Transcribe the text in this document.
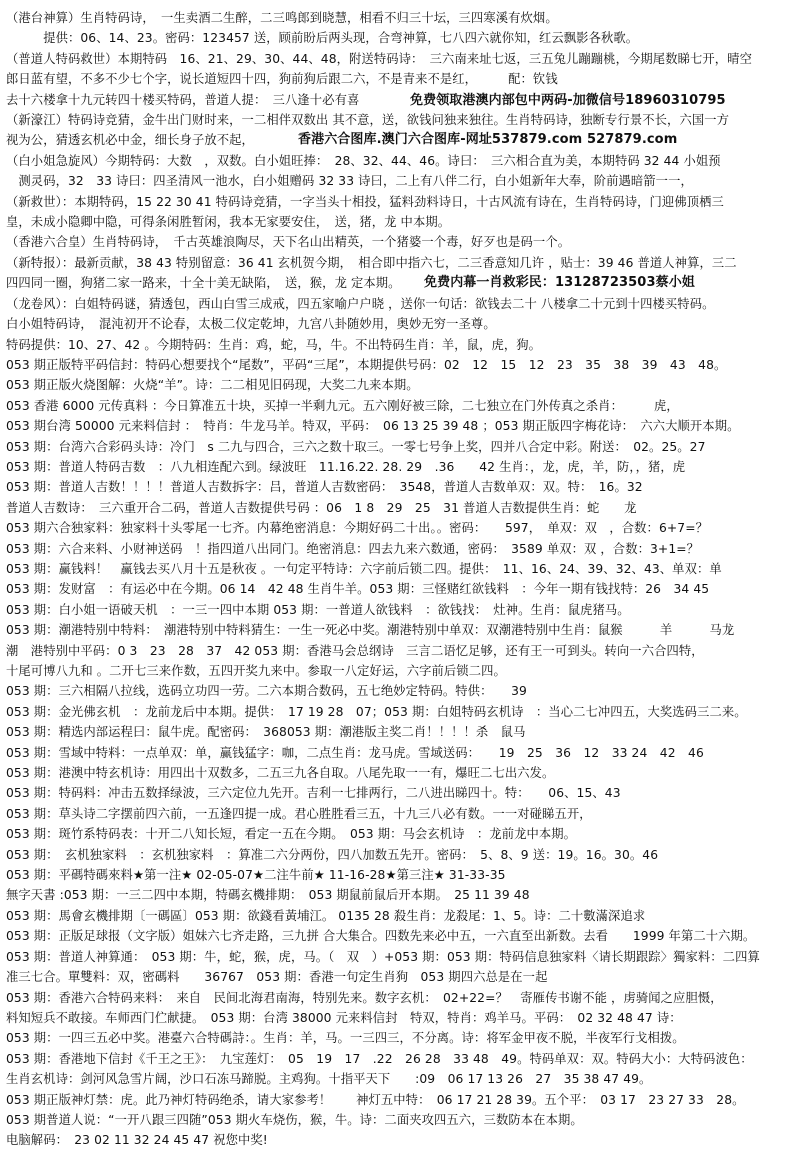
（港台神算）生肖特码诗，　一生卖酒二生醉，二三鸣郎到晓慧，相看不归三十坛，三四寒溪有炊烟。
　　　提供：06、14、23。密码：123457 送，顾前盼后两头现，合弯神算，七八四六就你知，红云飘影各秋歌。
（普道人特码救世）本期特码　16、21、29、30、44、48，附送特码诗：　三六南来址七返，三五兔儿蹦蹦桃，今期尾数睇七开，晴空
郎日蓝有望，不多不少七个字，说长道短四十四，狗前狗后跟二六，不是青来不是红，　　　配：钦钱
去十六楼拿十九元转四十楼买特码，普道人提：　三八逢十必有喜	免费领取港澳内部包中两码-加微信号18960310795
（新濠江）特码诗竞猜，金牛出门财时来，一二相伴双数出 其不意，送，欲钱问独来独往。生肖特码诗，独断专行景不长，六国一方
视为公，猜透玄机必中金，细长身子放不起，	香港六合图库.澳门六合图库-网址537879.com 527879.com
（白小姐急旋风）今期特码：大数　，双数。白小姐旺捧：　28、32、44、46。诗曰：　三六相合直为美，本期特码 32 44 小姐预
　测灵码，32　33 诗曰：四圣清风一池水，白小姐赠码 32 33 诗曰，二上有八伴二行，白小姐新年大奉，阶前遇暗箭一一，
（新救世）：本期特码，15 22 30 41 特码诗竞猜，一字当头十相投，猛料劲料诗日，十古风流有诗在，生肖特码诗，门迎佛顶栖三
皇，未成小隐卿中隐，可得条闲胜暂闲，我本无家要安住，　送，猪，龙 中本期。
（香港六合皇）生肖特码诗，　千古英雄浪陶尽，天下名山出精英，一个猪婆一个毒，好歹也是码一个。
（新特报）：最新贡献，38 43 特别留意：36 41 玄机贺今期，　相合即中指六七，二三香意知几许 ，贴士：39 46 普道人神算，三二
四四同一圈，狗猪二家一路来，十全十美无缺陷，　送，猴，龙 定本期。 免费内幕一肖救彩民：13128723503蔡小姐
（龙卷风）：白姐特码谜，猜透包，西山白雪三成戒，四五家喻户户晓 ，送你一句话：欲钱去二十 八楼拿二十元到十四楼买特码。
白小姐特码诗，　混沌初开不论春，太极二仪定乾坤，九宫八卦随妙用，奥妙无穷一圣尊。
特码提供：10、27、42 。今期特码：生肖：鸡，蛇，马，牛。不出特码生肖：羊，鼠，虎，狗。
053 期正版特平码信封：特码心想要找个“尾数”，平码“三尾”，本期提供号码：02　12　15　12　23　35　38　39　43　48。
053 期正版火烧图解：火烧“羊”。诗：二二相见旧码现，大奖二九来本期。
053 香港 6000 元传真料 ：今日算准五十块，买掉一半剩九元。五六刚好被三除，二七独立在门外传真之杀肖：　　　虎，
053 期台湾 50000 元来料信封 ：　特肖：牛龙马羊。特双，平码：　06 13 25 39 48 ；053 期正版四字梅花诗：　六六大顺开本期。
053 期：台湾六合彩码头诗：冷门　s 二九与四合，三六之数十取三。一零七号争上奖，四并八合定中彩。附送：　02。25。27
053 期：普道人特码吉数　：八九相连配六到。绿波旺　11.16.22. 28. 29　.36　　42 生肖：，龙，虎，羊，防，，猪，虎
053 期：普道人吉数！！！！普道人吉数拆字：吕，普道人吉数密码：　3548，普道人吉数单双：双。特：　16。32
普道人吉数诗：　三六重开合二码，普道人吉数提供号码 ：06　1 8　29　25　31 普道人吉数提供生肖：蛇　　龙
053 期六合独家料：独家料十头零尾一七齐。内幕绝密消息：今期好码二十出。。密码：　　597，　单双：双　，合数：6+7=？
053 期：六合来料、小财神送码　！指四道八出同门。绝密消息：四去九来六数通，密码：　3589 单双：双 ，合数：3+1=？
053 期：赢钱料！　赢钱去买八月十五是秋夜 。一句定平特诗：六字前后锁二四。提供：　11、16、24、39、32、43、单双：单
053 期：发财富　：有运必中在今期。06 14　42 48 生肖牛羊。053 期：三怪赌红欲钱料　：今年一期有钱找特：26　34 45
053 期：白小姐一语破天机　：一三一四中本期 053 期：一普道人欲钱料　：欲钱找：　灶神。生肖：鼠虎猪马。
053 期：潮港特别中特料：　潮港特别中特料猜生：一生一死必中奖。潮港特别中单双：双潮港特别中生肖：鼠猴　　　羊　　　马龙
潮　港特别中平码：0 3　23　28　37　42 053 期：香港马会总纲诗　三言二语忆足够，还有王一可到头。转向一六合四特，
十尾可博八九和 。二开七三来作数，五四开奖九来中。参取一八定好运，六字前后锁二四。
053 期：三六相隔八拉线，选码立功四一劳。二六本期合数码，五七绝妙定特码。特供：　　39
053 期：金光佛玄机　：龙前龙后中本期。提供：　17 19 28　07；053 期：白姐特码玄机诗　：当心二七冲四五，大奖选码三二来。
053 期：精选内部运程曰：鼠牛虎。配密码：　368053 期：潮港版主奖二肖！！！！杀　鼠马
053 期：雪域中特料：一点单双：单，赢钱猛字：咖，二点生肖：龙马虎。雪域送码：　　19　25　36　12　33 24　42　46
053 期：港澳中特玄机诗：用四出十双数多，二五三九各自取。八尾先取一一有，爆旺二七出六发。
053 期：特码料：冲击五数择绿波，三六定位九先开。吉利一七排两行，二八进出睇四十。特：　　06、15、43
053 期：草头诗二字摆前四六前，一五逢四提一成。君心胜胜看三五，十九三八必有数。一一对碰睇五开，
053 期：斑竹系特码表：十开二八知长短，看定一五在今期。　053 期：马会玄机诗　：龙前龙中本期。
053 期：　玄机独家料　：玄机独家料　：算准二六分两份，四八加数五先开。密码：　5、8、9 送：19。16。30。46
053 期：平碼特碼來料★第一注★ 02-05-07★二注牛前★ 11-16-28★第三注★ 31-33-35
無字天書 :053 期：一三二四中本期，特碼玄機排期：　053 期鼠前鼠后开本期。　25 11 39 48
053 期：馬會玄機排期〔一碼區〕053 期：欲錢看黃埔江。 0135 28 殺生肖：龙殺尾：1、5。诗：二十數滿深追求
053 期：正版足球报（文字版）姐妹六七齐走路，三九拼 合大集合。四数先来必中五，一六直至出新数。去看　　1999 年第二十六期。
053 期：普道人神算通：　053 期：牛，蛇，猴，虎，马。（　双　）+053 期：053 期：特码信息独家料〈请长期跟踪〉獨家料：二四算
准三七合。單雙料：双，密碼料　　36767　053 期：香港一句定生肖狗　053 期四六总是在一起
053 期：香港六合特码来料：　来自　民间北海君南海，特别先来。数字玄机：　02+22=？　寄雁传书谢不能 ，虏骑闻之应胆慑，
料知短兵不敢接。车师西门伫献捷。　053 期：台湾 38000 元来料信封　特双，特肖：鸡羊马。平码：　02 32 48 47 诗：
053 期：一四三五必中奖。港臺六合特碼詩：。生肖：羊，马。一三四三，不分离。诗：将军金甲夜不脱，半夜军行戈相拨。
053 期：香港地下信封《千王之王》：　九宝莲灯：　05　19　17　.22　26 28　33 48　49。特码单双：双。特码大小：大特码波色：
生肖玄机诗：剑河风急雪片阔，沙口石冻马蹄脱。主鸡狗。十指平天下　　:09　06 17 13 26　27　35 38 47 49。
053 期正版神灯禁：虎。此乃神灯特码绝杀，请大家参考！　　神灯五中特：　06 17 21 28 39。五个平：　03 17　23 27 33　28。
053 期普道人说：“一开八跟三四随”053 期火车烧伤，猴，牛。诗：二面夹攻四五六，三数防本在本期。
电脑解码：　23 02 11 32 24 45 47 祝您中奖!
